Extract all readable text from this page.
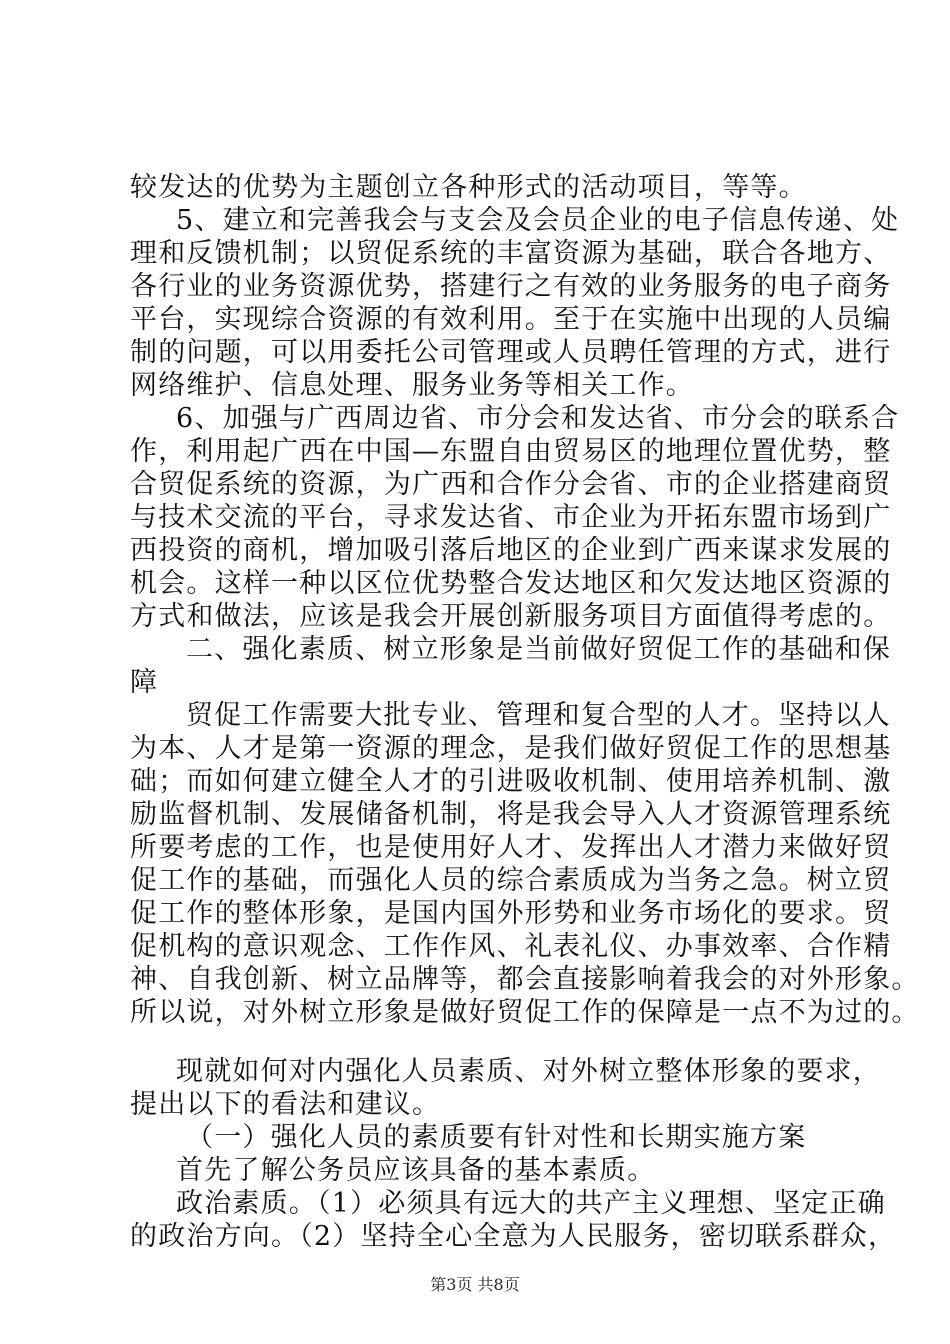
较发达的优势为主题创立各种形式的活动项目，等等。
5、建立和完善我会与支会及会员企业的电子信息传递、处
理和反馈机制；以贸促系统的丰富资源为基础，联合各地方、
各行业的业务资源优势，搭建行之有效的业务服务的电子商务
平台，实现综合资源的有效利用。至于在实施中出现的人员编
制的问题，可以用委托公司管理或人员聘任管理的方式，进行
网络维护、信息处理、服务业务等相关工作。
6、加强与广西周边省、市分会和发达省、市分会的联系合
作，利用起广西在中国—东盟自由贸易区的地理位置优势，整
合贸促系统的资源，为广西和合作分会省、市的企业搭建商贸
与技术交流的平台，寻求发达省、市企业为开拓东盟市场到广
西投资的商机，增加吸引落后地区的企业到广西来谋求发展的
机会。这样一种以区位优势整合发达地区和欠发达地区资源的
方式和做法，应该是我会开展创新服务项目方面值得考虑的。
二、强化素质、树立形象是当前做好贸促工作的基础和保
障
贸促工作需要大批专业、管理和复合型的人才。坚持以人
为本、人才是第一资源的理念，是我们做好贸促工作的思想基
础；而如何建立健全人才的引进吸收机制、使用培养机制、激
励监督机制、发展储备机制，将是我会导入人才资源管理系统
所要考虑的工作，也是使用好人才、发挥出人才潜力来做好贸
促工作的基础，而强化人员的综合素质成为当务之急。树立贸
促工作的整体形象，是国内国外形势和业务市场化的要求。贸
促机构的意识观念、工作作风、礼表礼仪、办事效率、合作精
神、自我创新、树立品牌等，都会直接影响着我会的对外形象。
所以说，对外树立形象是做好贸促工作的保障是一点不为过的。
现就如何对内强化人员素质、对外树立整体形象的要求，
提出以下的看法和建议。
（一）强化人员的素质要有针对性和长期实施方案
首先了解公务员应该具备的基本素质。
政治素质。（1）必须具有远大的共产主义理想、坚定正确
的政治方向。（2）坚持全心全意为人民服务，密切联系群众，
第3页 共8页
